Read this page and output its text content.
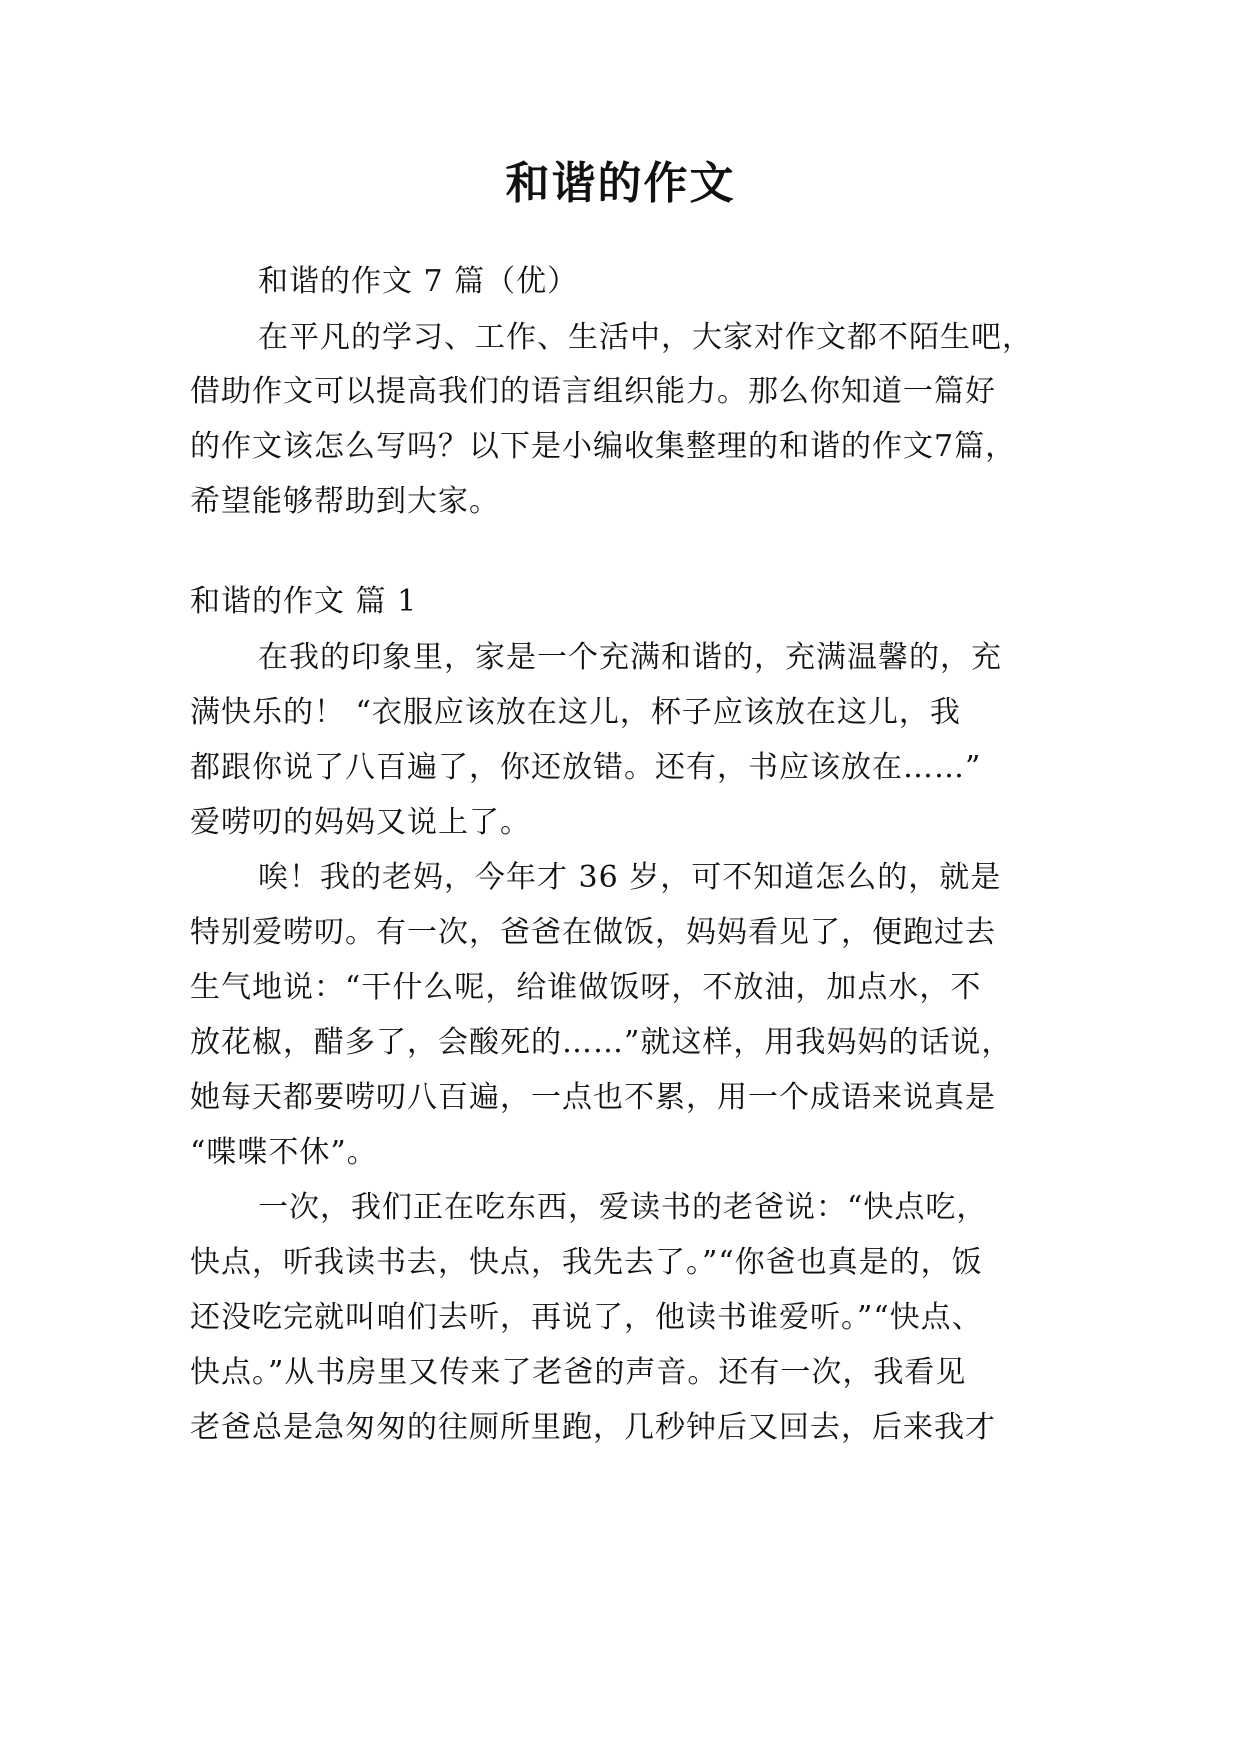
和谐的作文
和谐的作文 7 篇（优）
在平凡的学习、工作、生活中，大家对作文都不陌生吧，
借助作文可以提高我们的语言组织能力。那么你知道一篇好
的作文该怎么写吗？以下是小编收集整理的和谐的作文7篇，
希望能够帮助到大家。
和谐的作文 篇 1
在我的印象里，家是一个充满和谐的，充满温馨的，充
满快乐的！ “衣服应该放在这儿，杯子应该放在这儿，我
都跟你说了八百遍了，你还放错。还有，书应该放在……”
爱唠叨的妈妈又说上了。
唉！我的老妈，今年才 36 岁，可不知道怎么的，就是
特别爱唠叨。有一次，爸爸在做饭，妈妈看见了，便跑过去
生气地说：“干什么呢，给谁做饭呀，不放油，加点水，不
放花椒，醋多了，会酸死的……”就这样，用我妈妈的话说，
她每天都要唠叨八百遍，一点也不累，用一个成语来说真是
“喋喋不休”。
一次，我们正在吃东西，爱读书的老爸说：“快点吃，
快点，听我读书去，快点，我先去了。”“你爸也真是的，饭
还没吃完就叫咱们去听，再说了，他读书谁爱听。”“快点、
快点。”从书房里又传来了老爸的声音。还有一次，我看见
老爸总是急匆匆的往厕所里跑，几秒钟后又回去，后来我才
